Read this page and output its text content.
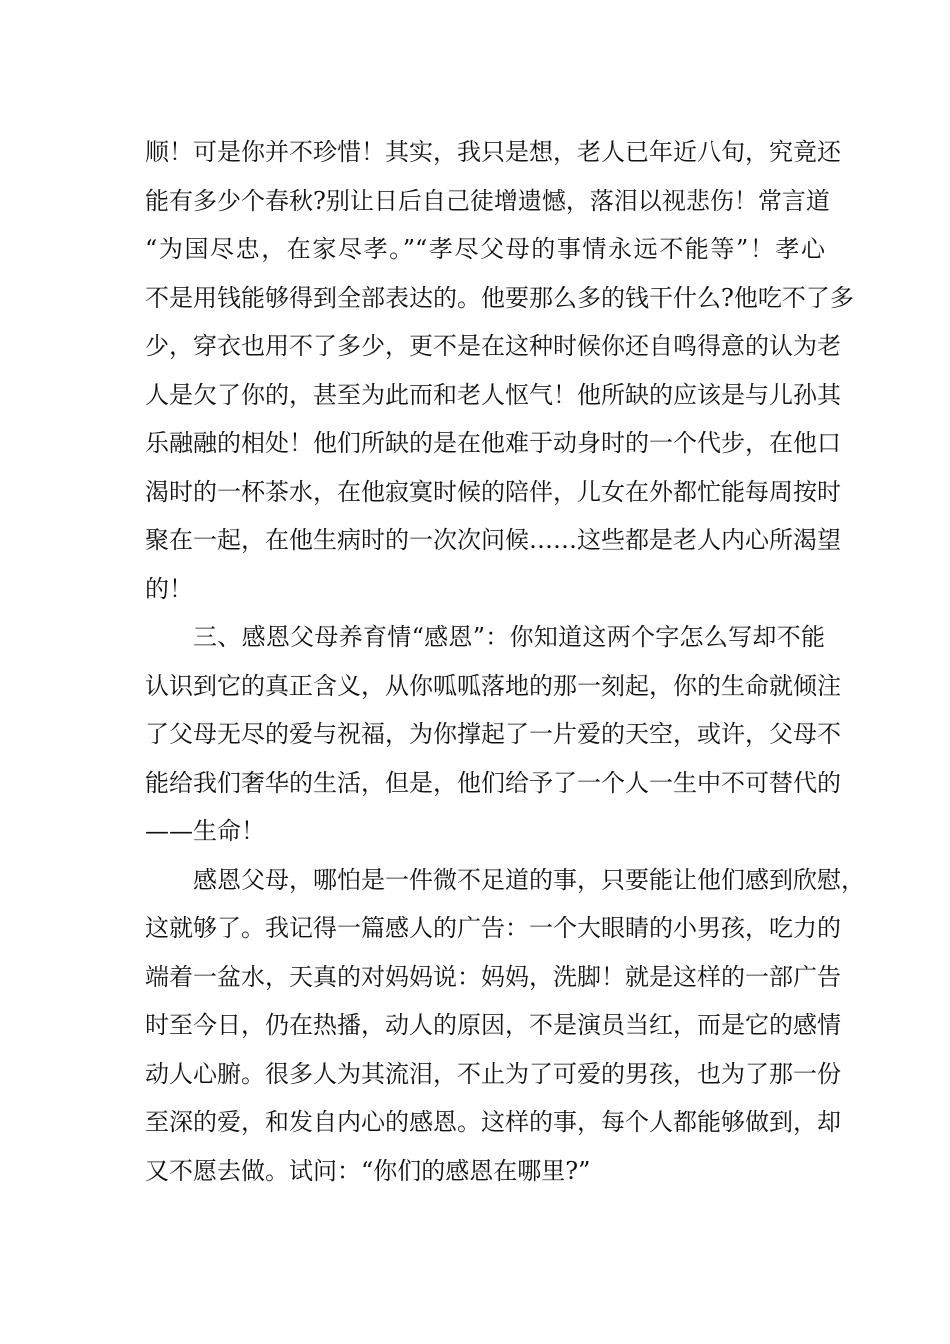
顺！可是你并不珍惜！其实，我只是想，老人已年近八旬，究竟还
能有多少个春秋?别让日后自己徒增遗憾，落泪以视悲伤！常言道
“为国尽忠，在家尽孝。”“孝尽父母的事情永远不能等”！孝心
不是用钱能够得到全部表达的。他要那么多的钱干什么?他吃不了多
少，穿衣也用不了多少，更不是在这种时候你还自鸣得意的认为老
人是欠了你的，甚至为此而和老人怄气！他所缺的应该是与儿孙其
乐融融的相处！他们所缺的是在他难于动身时的一个代步，在他口
渴时的一杯茶水，在他寂寞时候的陪伴，儿女在外都忙能每周按时
聚在一起，在他生病时的一次次问候……这些都是老人内心所渴望
的！
三、感恩父母养育情“感恩”：你知道这两个字怎么写却不能
认识到它的真正含义，从你呱呱落地的那一刻起，你的生命就倾注
了父母无尽的爱与祝福，为你撑起了一片爱的天空，或许，父母不
能给我们奢华的生活，但是，他们给予了一个人一生中不可替代的
——生命！
感恩父母，哪怕是一件微不足道的事，只要能让他们感到欣慰，
这就够了。我记得一篇感人的广告：一个大眼睛的小男孩，吃力的
端着一盆水，天真的对妈妈说：妈妈，洗脚！就是这样的一部广告
时至今日，仍在热播，动人的原因，不是演员当红，而是它的感情
动人心腑。很多人为其流泪，不止为了可爱的男孩，也为了那一份
至深的爱，和发自内心的感恩。这样的事，每个人都能够做到，却
又不愿去做。试问：“你们的感恩在哪里?”
